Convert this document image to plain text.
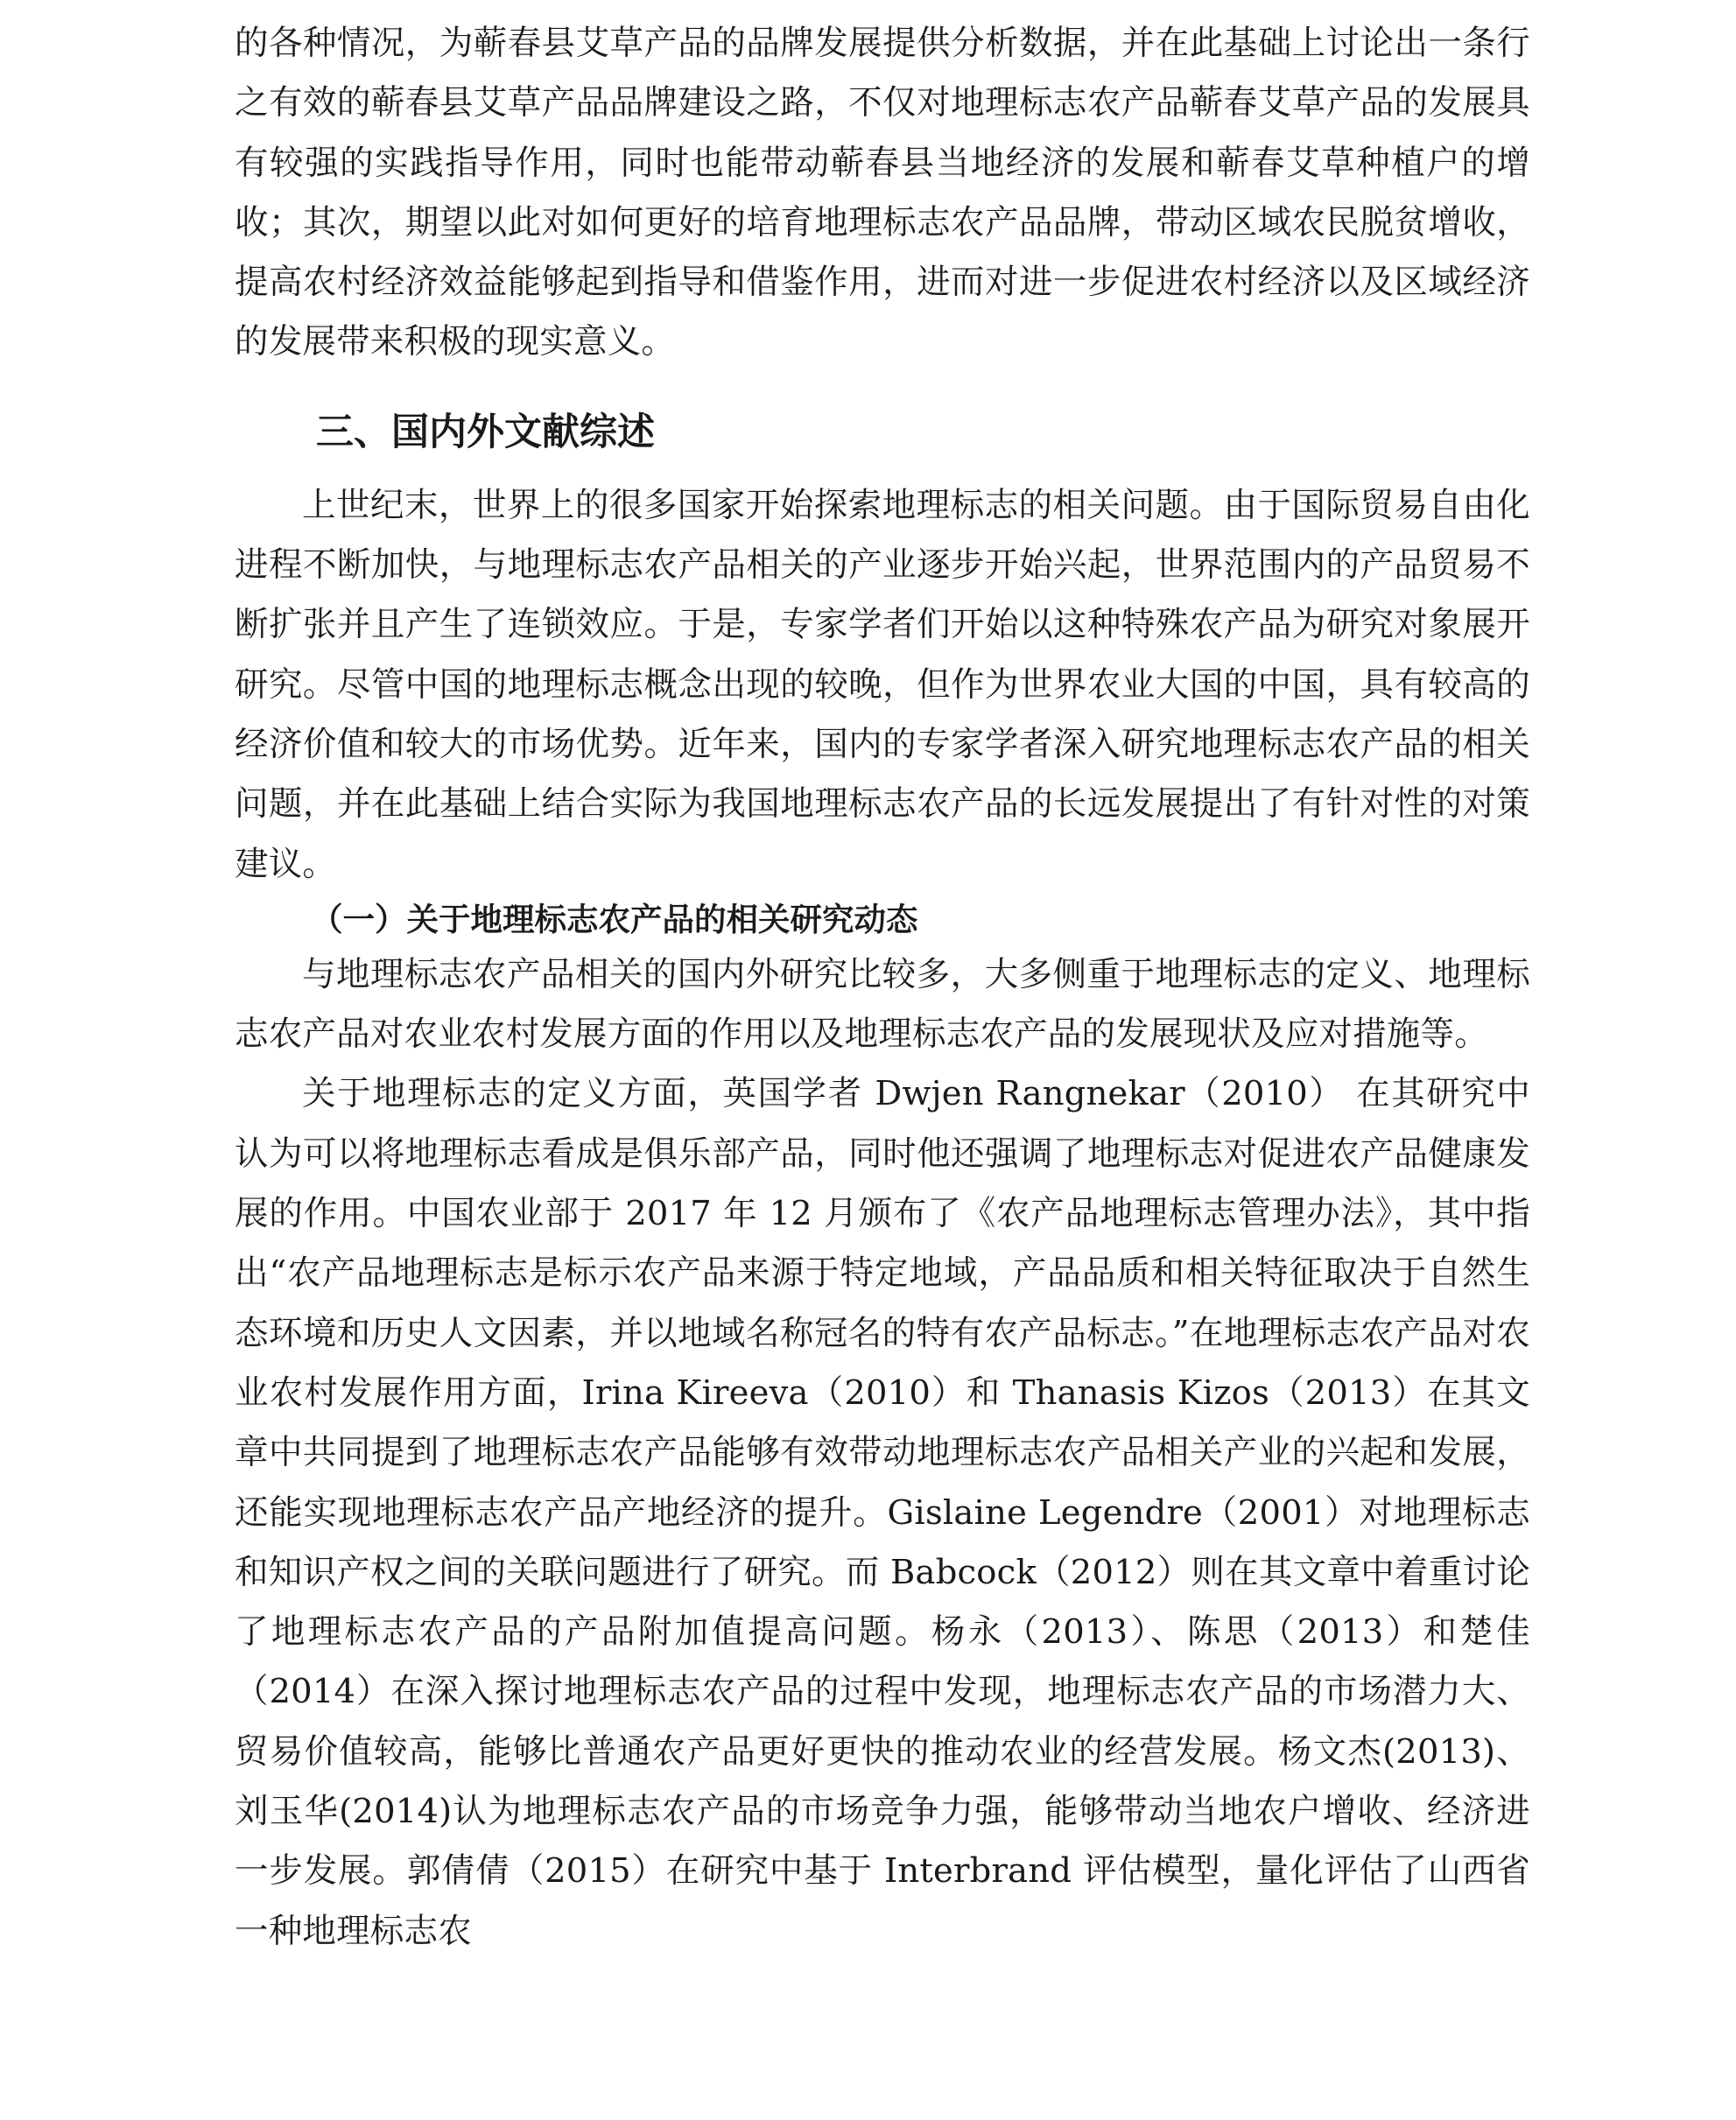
的各种情况，为蕲春县艾草产品的品牌发展提供分析数据，并在此基础上讨论出一条行之有效的蕲春县艾草产品品牌建设之路，不仅对地理标志农产品蕲春艾草产品的发展具有较强的实践指导作用，同时也能带动蕲春县当地经济的发展和蕲春艾草种植户的增收；其次，期望以此对如何更好的培育地理标志农产品品牌，带动区域农民脱贫增收，提高农村经济效益能够起到指导和借鉴作用，进而对进一步促进农村经济以及区域经济的发展带来积极的现实意义。

三、国内外文献综述

上世纪末，世界上的很多国家开始探索地理标志的相关问题。由于国际贸易自由化进程不断加快，与地理标志农产品相关的产业逐步开始兴起，世界范围内的产品贸易不断扩张并且产生了连锁效应。于是，专家学者们开始以这种特殊农产品为研究对象展开研究。尽管中国的地理标志概念出现的较晚，但作为世界农业大国的中国，具有较高的经济价值和较大的市场优势。近年来，国内的专家学者深入研究地理标志农产品的相关问题，并在此基础上结合实际为我国地理标志农产品的长远发展提出了有针对性的对策建议。

（一）关于地理标志农产品的相关研究动态

与地理标志农产品相关的国内外研究比较多，大多侧重于地理标志的定义、地理标志农产品对农业农村发展方面的作用以及地理标志农产品的发展现状及应对措施等。

关于地理标志的定义方面，英国学者 Dwjen Rangnekar（2010） 在其研究中认为可以将地理标志看成是俱乐部产品，同时他还强调了地理标志对促进农产品健康发展的作用。中国农业部于 2017 年 12 月颁布了《农产品地理标志管理办法》，其中指出“农产品地理标志是标示农产品来源于特定地域，产品品质和相关特征取决于自然生态环境和历史人文因素，并以地域名称冠名的特有农产品标志。”在地理标志农产品对农业农村发展作用方面，Irina Kireeva（2010）和 Thanasis Kizos（2013）在其文章中共同提到了地理标志农产品能够有效带动地理标志农产品相关产业的兴起和发展，还能实现地理标志农产品产地经济的提升。Gislaine Legendre（2001）对地理标志和知识产权之间的关联问题进行了研究。而 Babcock（2012）则在其文章中着重讨论了地理标志农产品的产品附加值提高问题。杨永（2013）、陈思（2013）和楚佳（2014）在深入探讨地理标志农产品的过程中发现，地理标志农产品的市场潜力大、贸易价值较高，能够比普通农产品更好更快的推动农业的经营发展。杨文杰(2013)、刘玉华(2014)认为地理标志农产品的市场竞争力强，能够带动当地农户增收、经济进一步发展。郭倩倩（2015）在研究中基于 Interbrand 评估模型，量化评估了山西省一种地理标志农
